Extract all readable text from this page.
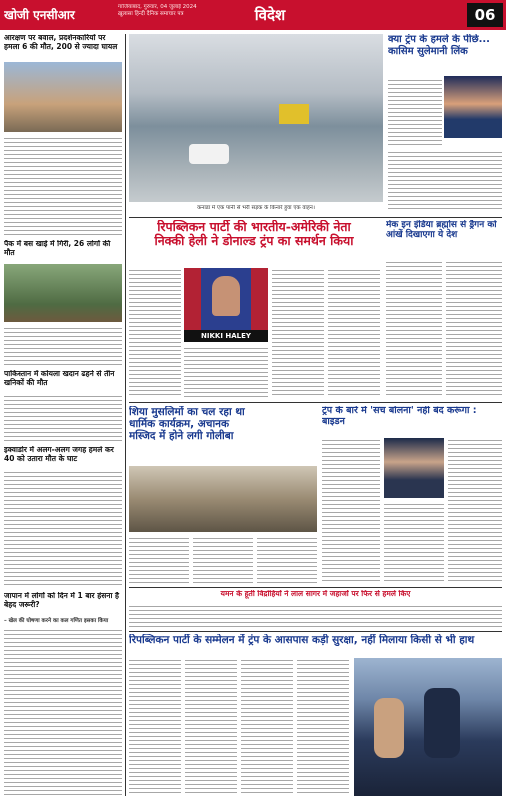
खोजी एनसीआर
गाजियाबाद, गुरुवार, 04 जुलाई 2024
ख़ुलासा हिन्दी दैनिक समाचार पत्र	विदेश	06
आरक्षण पर बवाल, प्रदर्शनकारियों पर हमला 6 की मौत, 200 से ज्यादा घायल
पैक में बस खाई में गिरी, 26 लोगों की मौत
पाकिस्तान में कोयला खदान ढहने से तीन खनिकों की मौत
इक्वाडोर में अलग-अलग जगह हमले कर 40 को उतारा मौत के घाट
जापान में लोगों को दिन में 1 बार हंसना है बेहद जरूरी?
– खेल की घोषणा करने का कल गणित इसका किया
कनाडा में एक पानी से भरी सड़क के किनारे हुवा एक वाहन।
क्या ट्रंप के हमले के पीछे... कासिम सुलेमानी लिंक
रिपब्लिकन पार्टी की भारतीय-अमेरिकी नेता
निक्की हेली ने डोनाल्ड ट्रंप का समर्थन किया
NIKKI HALEY
मेक इन इंडिया ब्रह्मोस से ड्रैगन को आंखें दिखाएगा ये देश
शिया मुसलिमों का चल रहा था
धार्मिक कार्यक्रम, अचानक
मस्जिद में होने लगी गोलीबा
ट्रंप के बारे में 'सच बोलना' नहीं बंद करूंगा : बाइडन
यमन के हूती विद्रोहियों ने लाल सागर में जहाजों पर फिर से हमले किए
रिपब्लिकन पार्टी के सम्मेलन में ट्रंप के आसपास कड़ी सुरक्षा, नहीं मिलाया किसी से भी हाथ
